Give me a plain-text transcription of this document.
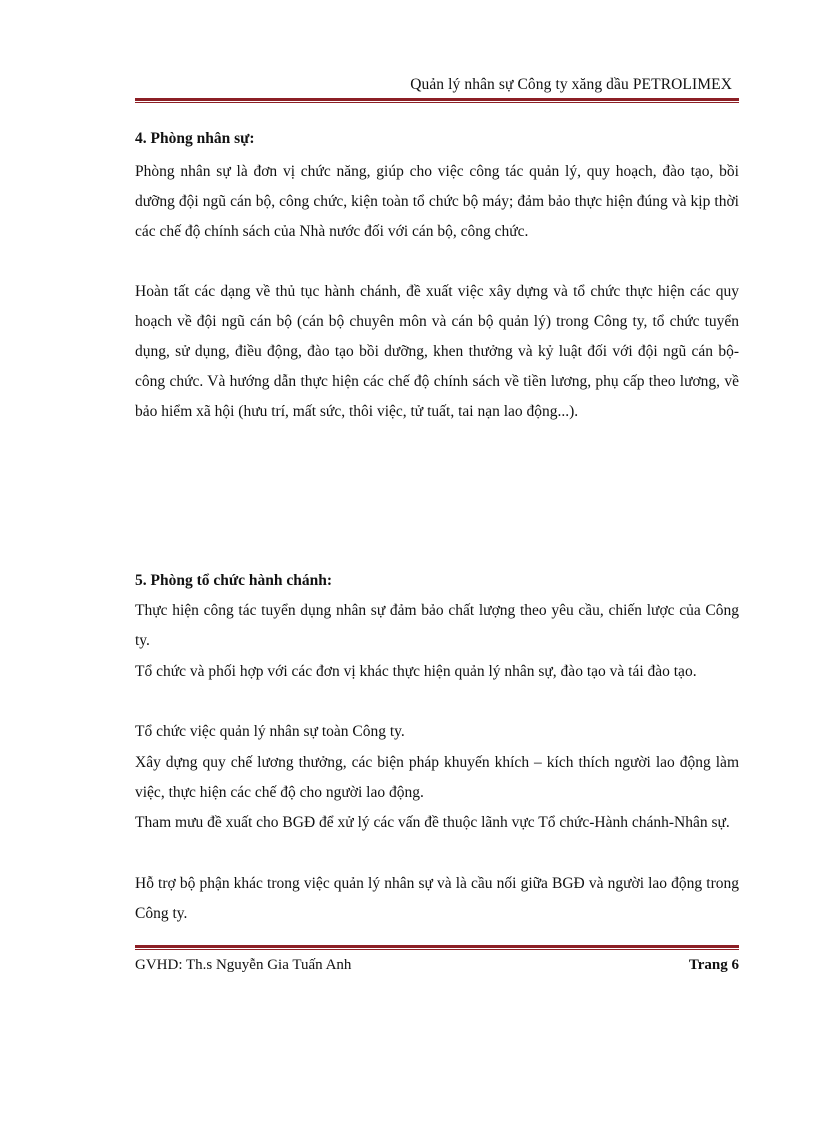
Quản lý nhân sự Công ty xăng dầu PETROLIMEX
4. Phòng nhân sự:

Phòng nhân sự là đơn vị chức năng, giúp cho việc công tác quản lý, quy hoạch, đào tạo, bồi dưỡng đội ngũ cán bộ, công chức, kiện toàn tổ chức bộ máy; đảm bảo thực hiện đúng và kịp thời các chế độ chính sách của Nhà nước đối với cán bộ, công chức.

Hoàn tất các dạng về thủ tục hành chánh, đề xuất việc xây dựng và tổ chức thực hiện các quy hoạch về đội ngũ cán bộ (cán bộ chuyên môn và cán bộ quản lý) trong Công ty, tổ chức tuyển dụng, sử dụng, điều động, đào tạo bồi dưỡng, khen thưởng và kỷ luật đối với đội ngũ cán bộ-công chức. Và hướng dẫn thực hiện các chế độ chính sách về tiền lương, phụ cấp theo lương, về bảo hiểm xã hội (hưu trí, mất sức, thôi việc, tử tuất, tai nạn lao động...).

5. Phòng tổ chức hành chánh:

Thực hiện công tác tuyển dụng nhân sự đảm bảo chất lượng theo yêu cầu, chiến lược của Công ty.

Tổ chức và phối hợp với các đơn vị khác thực hiện quản lý nhân sự, đào tạo và tái đào tạo.

Tổ chức việc quản lý nhân sự toàn Công ty.

Xây dựng quy chế lương thưởng, các biện pháp khuyến khích – kích thích người lao động làm việc, thực hiện các chế độ cho người lao động.

Tham mưu đề xuất cho BGĐ để xử lý các vấn đề thuộc lãnh vực Tổ chức-Hành chánh-Nhân sự.

Hỗ trợ bộ phận khác trong việc quản lý nhân sự và là cầu nối giữa BGĐ và người lao động trong Công ty.

GVHD: Th.s Nguyễn Gia Tuấn Anh	Trang 6
